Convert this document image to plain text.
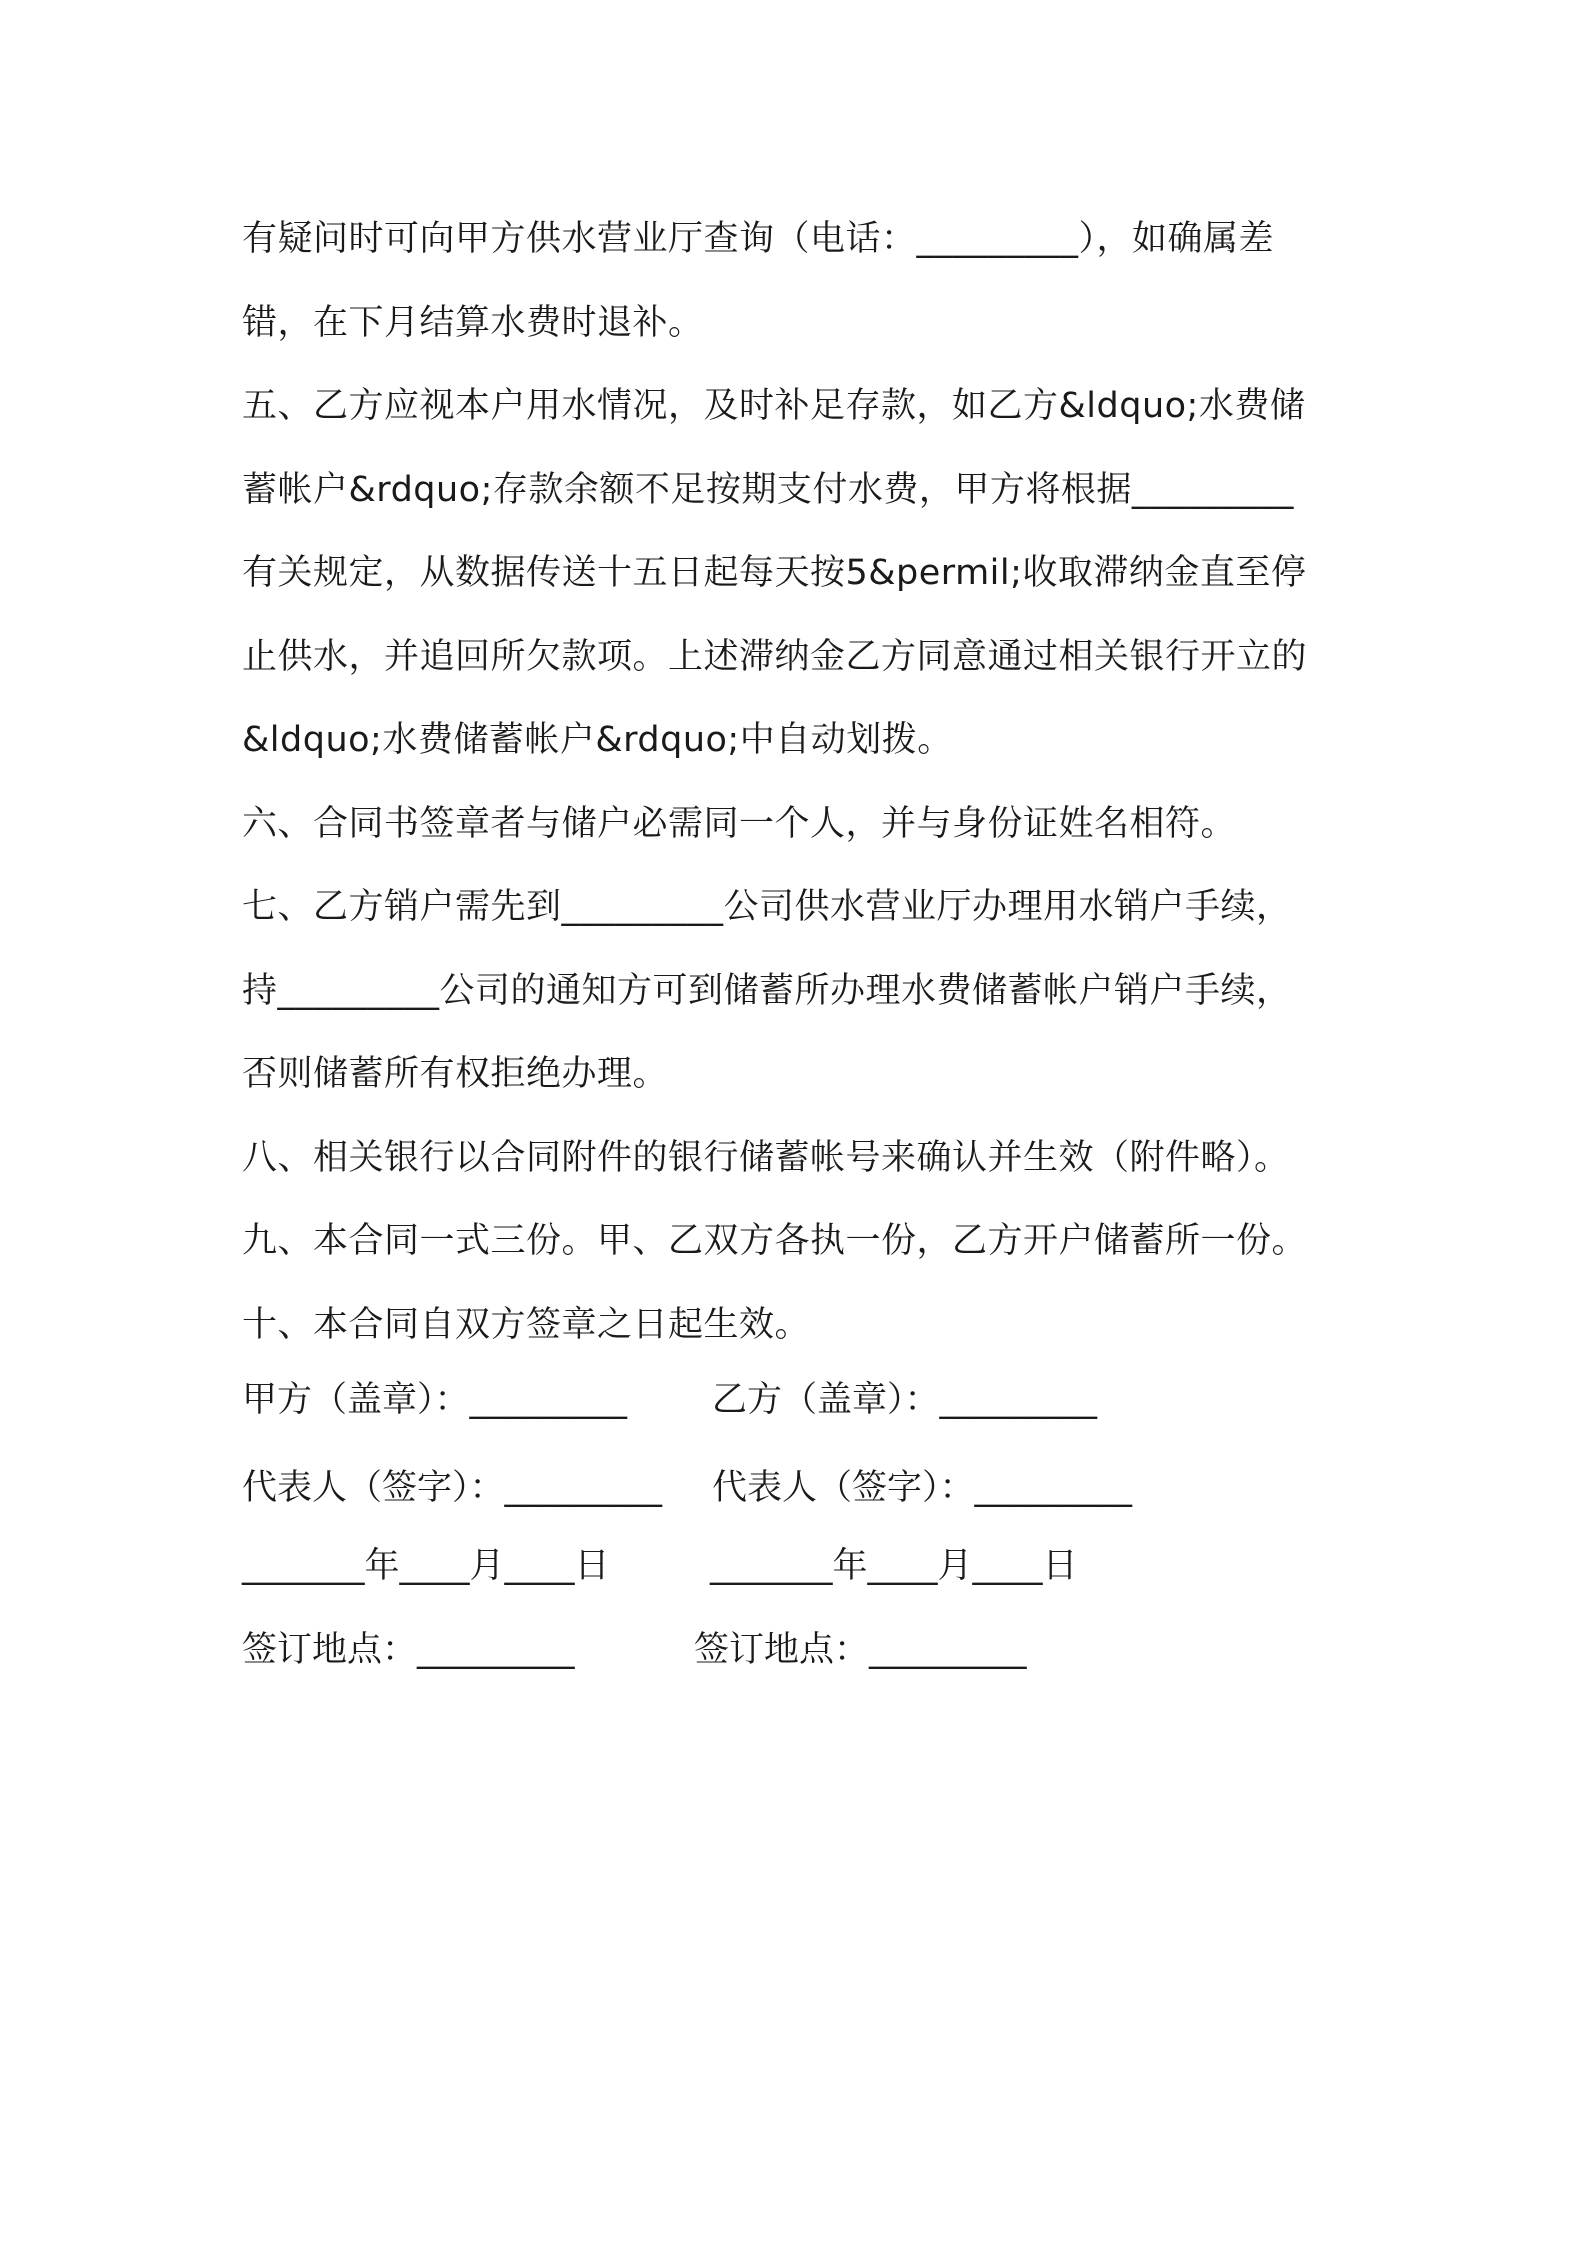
有疑问时可向甲方供水营业厅查询（电话：_________），如确属差
错，在下月结算水费时退补。
五、乙方应视本户用水情况，及时补足存款，如乙方&ldquo;水费储
蓄帐户&rdquo;存款余额不足按期支付水费，甲方将根据_________
有关规定，从数据传送十五日起每天按5&permil;收取滞纳金直至停
止供水，并追回所欠款项。上述滞纳金乙方同意通过相关银行开立的
&ldquo;水费储蓄帐户&rdquo;中自动划拨。
六、合同书签章者与储户必需同一个人，并与身份证姓名相符。
七、乙方销户需先到_________公司供水营业厅办理用水销户手续，
持_________公司的通知方可到储蓄所办理水费储蓄帐户销户手续，
否则储蓄所有权拒绝办理。
八、相关银行以合同附件的银行储蓄帐号来确认并生效（附件略）。
九、本合同一式三份。甲、乙双方各执一份，乙方开户储蓄所一份。
十、本合同自双方签章之日起生效。
甲方（盖章）：_________ 乙方（盖章）：_________
代表人（签字）：_________ 代表人（签字）：_________
_______年____月____日	_______年____月____日
签订地点：_________	签订地点：_________
